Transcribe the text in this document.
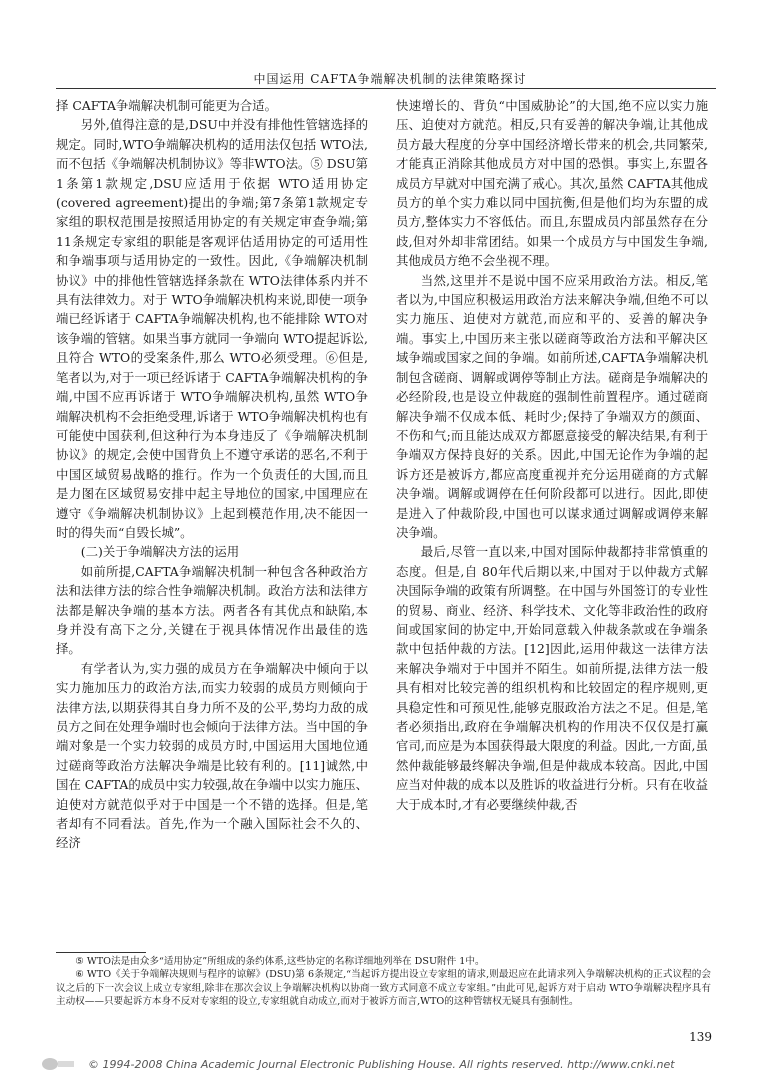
中国运用 CAFTA争端解决机制的法律策略探讨

择 CAFTA争端解决机制可能更为合适。

另外,值得注意的是,DSU中并没有排他性管辖选择的规定。同时,WTO争端解决机构的适用法仅包括 WTO法,而不包括《争端解决机制协议》等非WTO法。⑤ DSU第1条第1款规定,DSU应适用于依据 WTO适用协定(covered agreement)提出的争端;第7条第1款规定专家组的职权范围是按照适用协定的有关规定审查争端;第11条规定专家组的职能是客观评估适用协定的可适用性和争端事项与适用协定的一致性。因此,《争端解决机制协议》中的排他性管辖选择条款在 WTO法律体系内并不具有法律效力。对于 WTO争端解决机构来说,即使一项争端已经诉诸于 CAFTA争端解决机构,也不能排除 WTO对该争端的管辖。如果当事方就同一争端向 WTO提起诉讼,且符合 WTO的受案条件,那么 WTO必须受理。⑥但是,笔者以为,对于一项已经诉诸于 CAFTA争端解决机构的争端,中国不应再诉诸于 WTO争端解决机构,虽然 WTO争端解决机构不会拒绝受理,诉诸于 WTO争端解决机构也有可能使中国获利,但这种行为本身违反了《争端解决机制协议》的规定,会使中国背负上不遵守承诺的恶名,不利于中国区域贸易战略的推行。作为一个负责任的大国,而且是力图在区域贸易安排中起主导地位的国家,中国理应在遵守《争端解决机制协议》上起到模范作用,决不能因一时的得失而“自毁长城”。

(二)关于争端解决方法的运用

如前所提,CAFTA争端解决机制一种包含各种政治方法和法律方法的综合性争端解决机制。政治方法和法律方法都是解决争端的基本方法。两者各有其优点和缺陷,本身并没有高下之分,关键在于视具体情况作出最佳的选择。

有学者认为,实力强的成员方在争端解决中倾向于以实力施加压力的政治方法,而实力较弱的成员方则倾向于法律方法,以期获得其自身力所不及的公平,势均力敌的成员方之间在处理争端时也会倾向于法律方法。当中国的争端对象是一个实力较弱的成员方时,中国运用大国地位通过磋商等政治方法解决争端是比较有利的。[11]诚然,中国在 CAFTA的成员中实力较强,故在争端中以实力施压、迫使对方就范似乎对于中国是一个不错的选择。但是,笔者却有不同看法。首先,作为一个融入国际社会不久的、经济

快速增长的、背负“中国威胁论”的大国,绝不应以实力施压、迫使对方就范。相反,只有妥善的解决争端,让其他成员方最大程度的分享中国经济增长带来的机会,共同繁荣,才能真正消除其他成员方对中国的恐惧。事实上,东盟各成员方早就对中国充满了戒心。其次,虽然 CAFTA其他成员方的单个实力难以同中国抗衡,但是他们均为东盟的成员方,整体实力不容低估。而且,东盟成员内部虽然存在分歧,但对外却非常团结。如果一个成员方与中国发生争端,其他成员方绝不会坐视不理。

当然,这里并不是说中国不应采用政治方法。相反,笔者以为,中国应积极运用政治方法来解决争端,但绝不可以实力施压、迫使对方就范,而应和平的、妥善的解决争端。事实上,中国历来主张以磋商等政治方法和平解决区域争端或国家之间的争端。如前所述,CAFTA争端解决机制包含磋商、调解或调停等制止方法。磋商是争端解决的必经阶段,也是设立仲裁庭的强制性前置程序。通过磋商解决争端不仅成本低、耗时少;保持了争端双方的颜面、不伤和气;而且能达成双方都愿意接受的解决结果,有利于争端双方保持良好的关系。因此,中国无论作为争端的起诉方还是被诉方,都应高度重视并充分运用磋商的方式解决争端。调解或调停在任何阶段都可以进行。因此,即使是进入了仲裁阶段,中国也可以谋求通过调解或调停来解决争端。

最后,尽管一直以来,中国对国际仲裁都持非常慎重的态度。但是,自 80年代后期以来,中国对于以仲裁方式解决国际争端的政策有所调整。在中国与外国签订的专业性的贸易、商业、经济、科学技术、文化等非政治性的政府间或国家间的协定中,开始同意载入仲裁条款或在争端条款中包括仲裁的方法。[12]因此,运用仲裁这一法律方法来解决争端对于中国并不陌生。如前所提,法律方法一般具有相对比较完善的组织机构和比较固定的程序规则,更具稳定性和可预见性,能够克服政治方法之不足。但是,笔者必须指出,政府在争端解决机构的作用决不仅仅是打赢官司,而应是为本国获得最大限度的利益。因此,一方面,虽然仲裁能够最终解决争端,但是仲裁成本较高。因此,中国应当对仲裁的成本以及胜诉的收益进行分析。只有在收益大于成本时,才有必要继续仲裁,否

⑤ WTO法是由众多“适用协定”所组成的条约体系,这些协定的名称详细地列举在 DSU附件 1中。

⑥ WTO《关于争端解决规则与程序的谅解》(DSU)第 6条规定,“当起诉方提出设立专家组的请求,则最迟应在此请求列入争端解决机构的正式议程的会议之后的下一次会议上成立专家组,除非在那次会议上争端解决机构以协商一致方式同意不成立专家组。”由此可见,起诉方对于启动 WTO争端解决程序具有主动权——只要起诉方本身不反对专家组的设立,专家组就自动成立,而对于被诉方而言,WTO的这种管辖权无疑具有强制性。

139
© 1994-2008 China Academic Journal Electronic Publishing House. All rights reserved. http://www.cnki.net
